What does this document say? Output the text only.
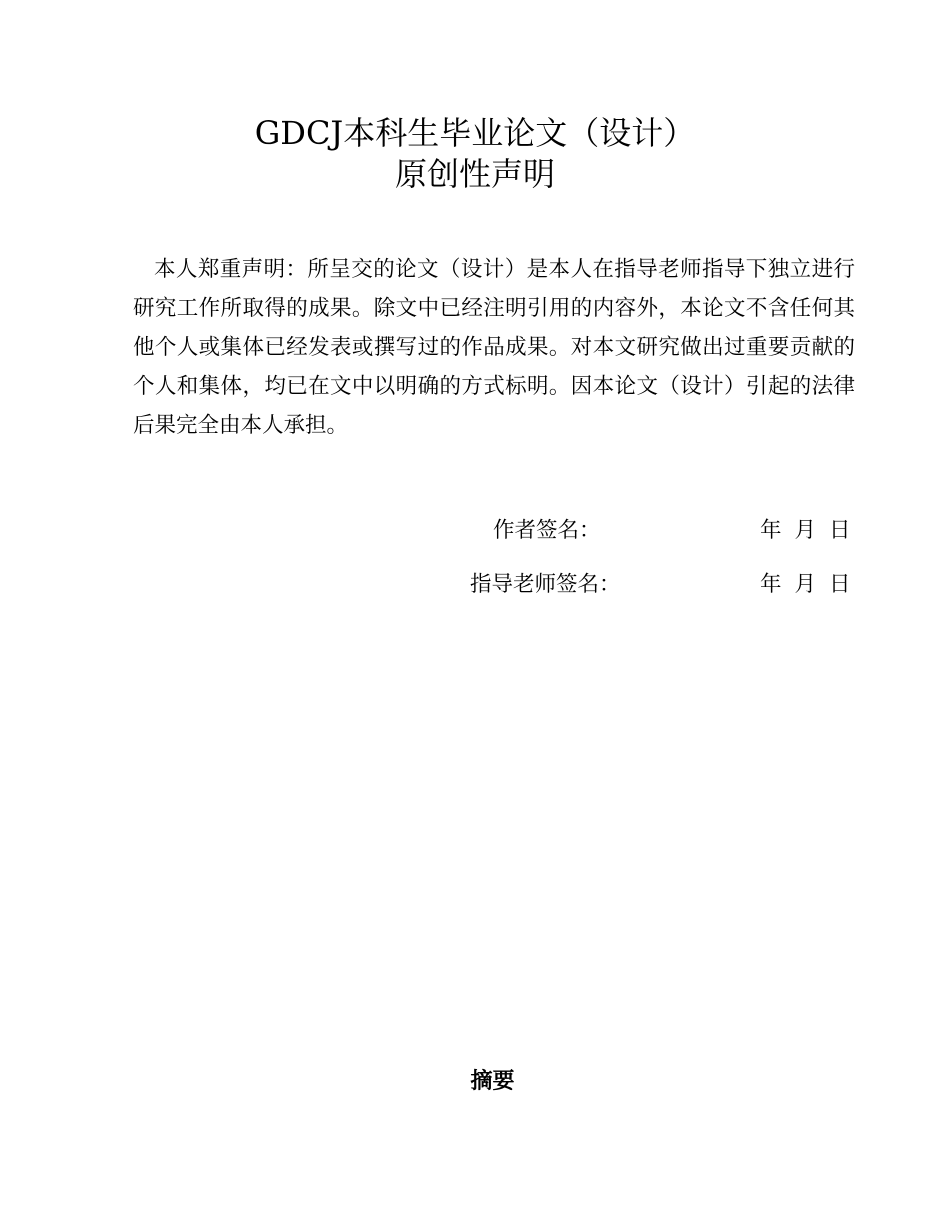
GDCJ本科生毕业论文（设计）
原创性声明

本人郑重声明：所呈交的论文（设计）是本人在指导老师指导下独立进行研究工作所取得的成果。除文中已经注明引用的内容外，本论文不含任何其他个人或集体已经发表或撰写过的作品成果。对本文研究做出过重要贡献的个人和集体，均已在文中以明确的方式标明。因本论文（设计）引起的法律后果完全由本人承担。

作者签名：	年 月 日
指导老师签名：	年 月 日
摘要
